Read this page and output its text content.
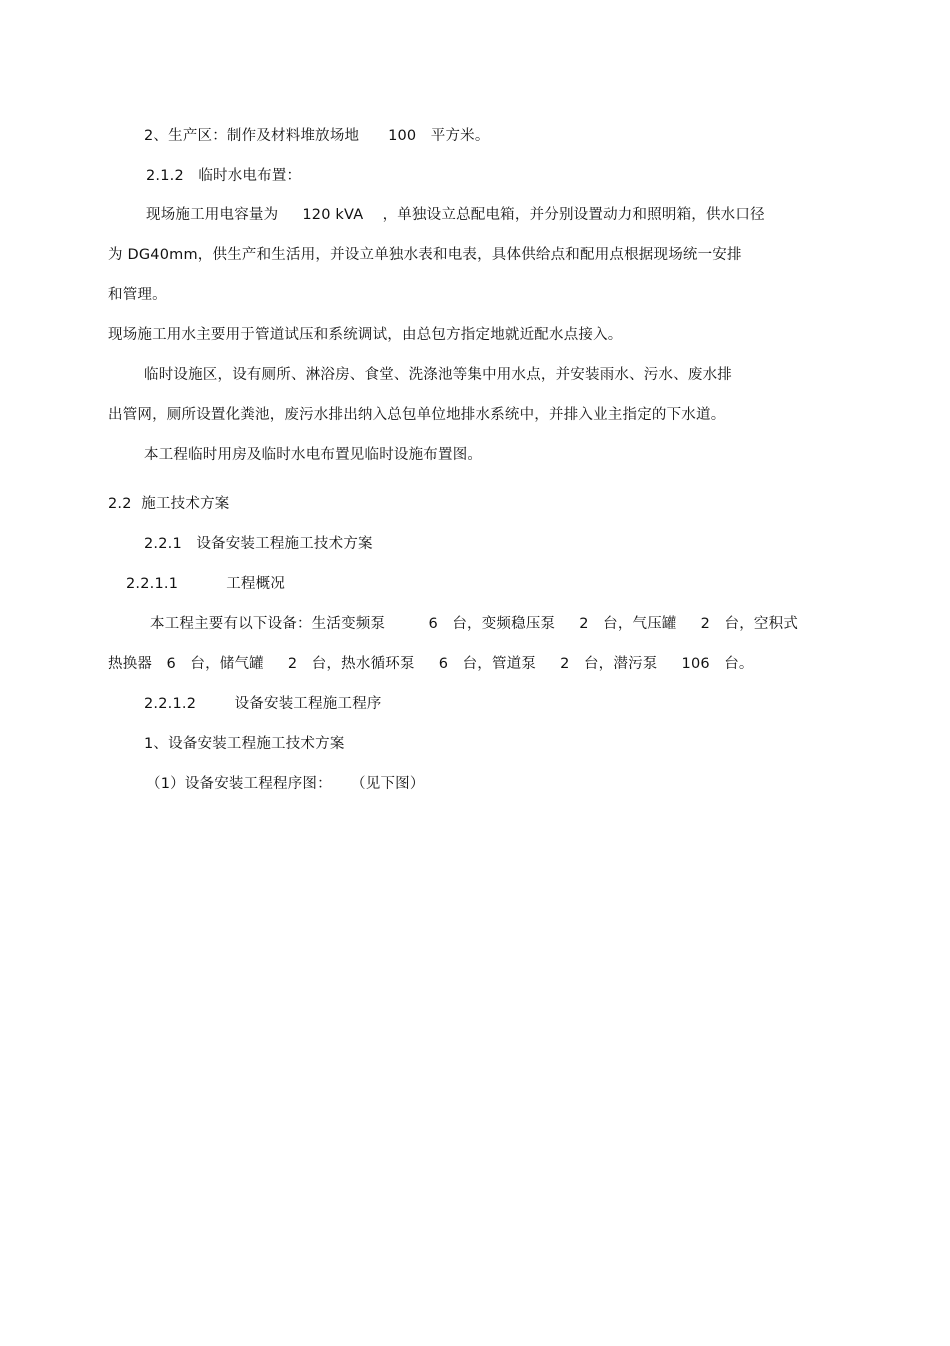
2、生产区：制作及材料堆放场地      100   平方米。
2.1.2   临时水电布置：
现场施工用电容量为     120 kVA    ，单独设立总配电箱，并分别设置动力和照明箱，供水口径
为 DG40mm，供生产和生活用，并设立单独水表和电表，具体供给点和配用点根据现场统一安排
和管理。
现场施工用水主要用于管道试压和系统调试，由总包方指定地就近配水点接入。
临时设施区，设有厕所、淋浴房、食堂、洗涤池等集中用水点，并安装雨水、污水、废水排
出管网，厕所设置化粪池，废污水排出纳入总包单位地排水系统中，并排入业主指定的下水道。
本工程临时用房及临时水电布置见临时设施布置图。
2.2  施工技术方案
2.2.1   设备安装工程施工技术方案
2.2.1.1          工程概况
本工程主要有以下设备：生活变频泵         6   台，变频稳压泵     2   台，气压罐     2   台，空积式
热换器   6   台，储气罐     2   台，热水循环泵     6   台，管道泵     2   台，潜污泵     106   台。
2.2.1.2        设备安装工程施工程序
1、设备安装工程施工技术方案
（1）设备安装工程程序图：    （见下图）
